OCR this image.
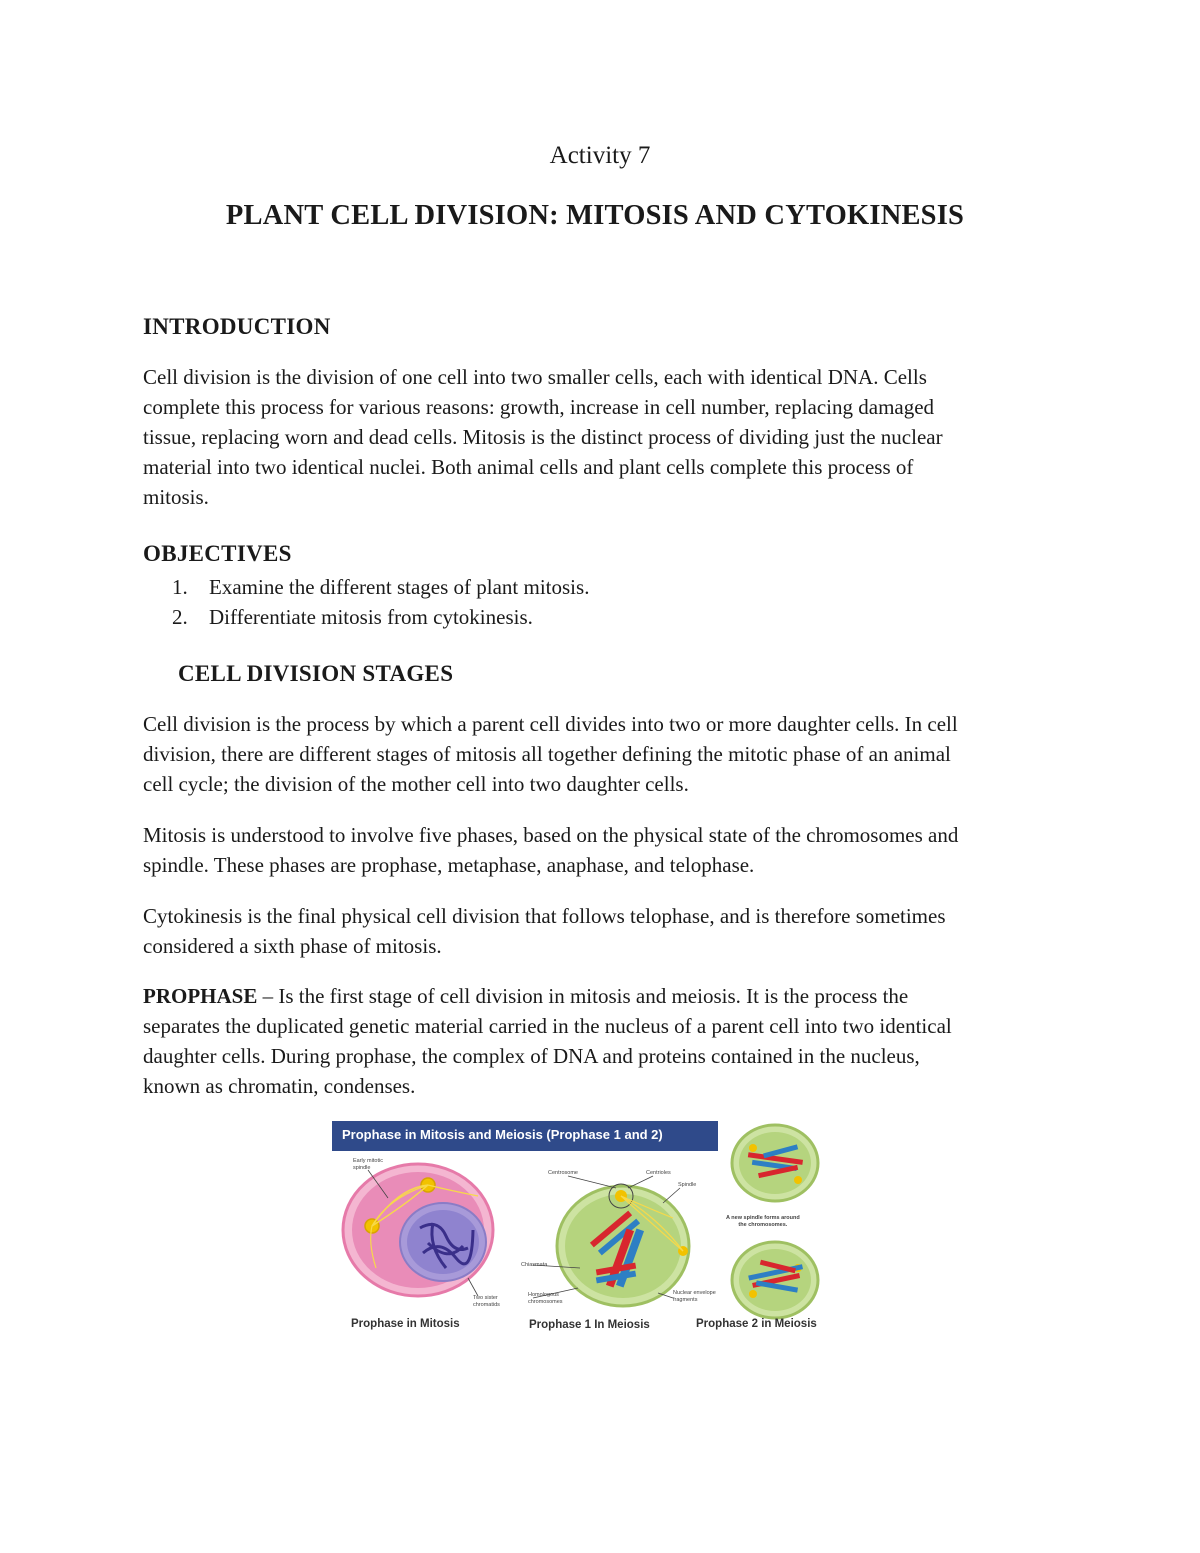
Activity 7
PLANT CELL DIVISION: MITOSIS AND CYTOKINESIS
INTRODUCTION
Cell division is the division of one cell into two smaller cells, each with identical DNA. Cells
complete this process for various reasons: growth, increase in cell number, replacing damaged
tissue, replacing worn and dead cells. Mitosis is the distinct process of dividing just the nuclear
material into two identical nuclei. Both animal cells and plant cells complete this process of
mitosis.
OBJECTIVES
1. Examine the different stages of plant mitosis.
2. Differentiate mitosis from cytokinesis.
CELL DIVISION STAGES
Cell division is the process by which a parent cell divides into two or more daughter cells. In cell
division, there are different stages of mitosis all together defining the mitotic phase of an animal
cell cycle; the division of the mother cell into two daughter cells.
Mitosis is understood to involve five phases, based on the physical state of the chromosomes and
spindle. These phases are prophase, metaphase, anaphase, and telophase.
Cytokinesis is the final physical cell division that follows telophase, and is therefore sometimes
considered a sixth phase of mitosis.
PROPHASE – Is the first stage of cell division in mitosis and meiosis. It is the process the
separates the duplicated genetic material carried in the nucleus of a parent cell into two identical
daughter cells. During prophase, the complex of DNA and proteins contained in the nucleus,
known as chromatin, condenses.
Prophase in Mitosis and Meiosis (Prophase 1 and 2)
Early mitotic
spindle
Two sister
chromatids
Centrosome	Centrioles
Spindle
Chiasmata
Homologous
chromosomes
Nuclear envelope
fragments
A new spindle forms around
the chromosomes.
Prophase in Mitosis	Prophase 1 In Meiosis	Prophase 2 in Meiosis
